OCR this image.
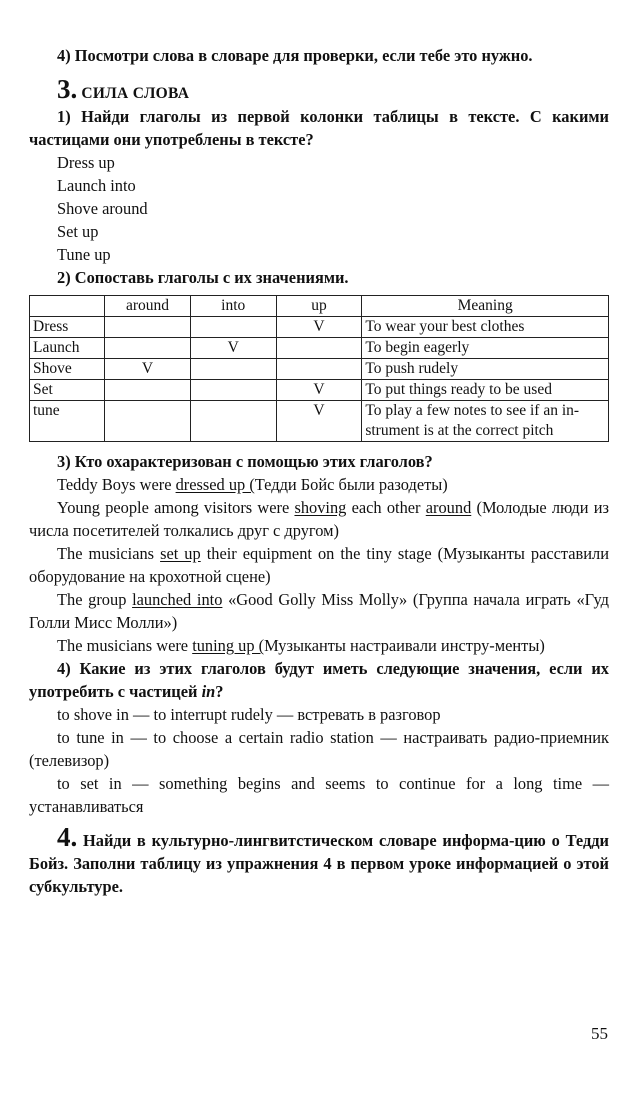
4) Посмотри слова в словаре для проверки, если тебе это нужно.

3. СИЛА СЛОВА

1) Найди глаголы из первой колонки таблицы в тексте. С какими частицами они употреблены в тексте?

Dress up

Launch into

Shove around

Set up

Tune up

2) Сопоставь глаголы с их значениями.

	around	into	up	Meaning
Dress			V	To wear your best clothes
Launch		V		To begin eagerly
Shove	V			To push rudely
Set			V	To put things ready to be used
tune			V	To play a few notes to see if an in-strument is at the correct pitch

3) Кто охарактеризован с помощью этих глаголов?

Teddy Boys were dressed up (Тедди Бойс были разодеты)

Young people among visitors were shoving each other around (Молодые люди из числа посетителей толкались друг с другом)

The musicians set up their equipment on the tiny stage (Музыканты расставили оборудование на крохотной сцене)

The group launched into «Good Golly Miss Molly» (Группа начала играть «Гуд Голли Мисс Молли»)

The musicians were tuning up (Музыканты настраивали инстру-менты)

4) Какие из этих глаголов будут иметь следующие значения, если их употребить с частицей in?

to shove in — to interrupt rudely — встревать в разговор

to tune in — to choose a certain radio station — настраивать радио-приемник (телевизор)

to set in — something begins and seems to continue for a long time — устанавливаться

4. Найди в культурно-лингвитстическом словаре информа-цию о Тедди Бойз. Заполни таблицу из упражнения 4 в первом уроке информацией о этой субкультуре.

55
